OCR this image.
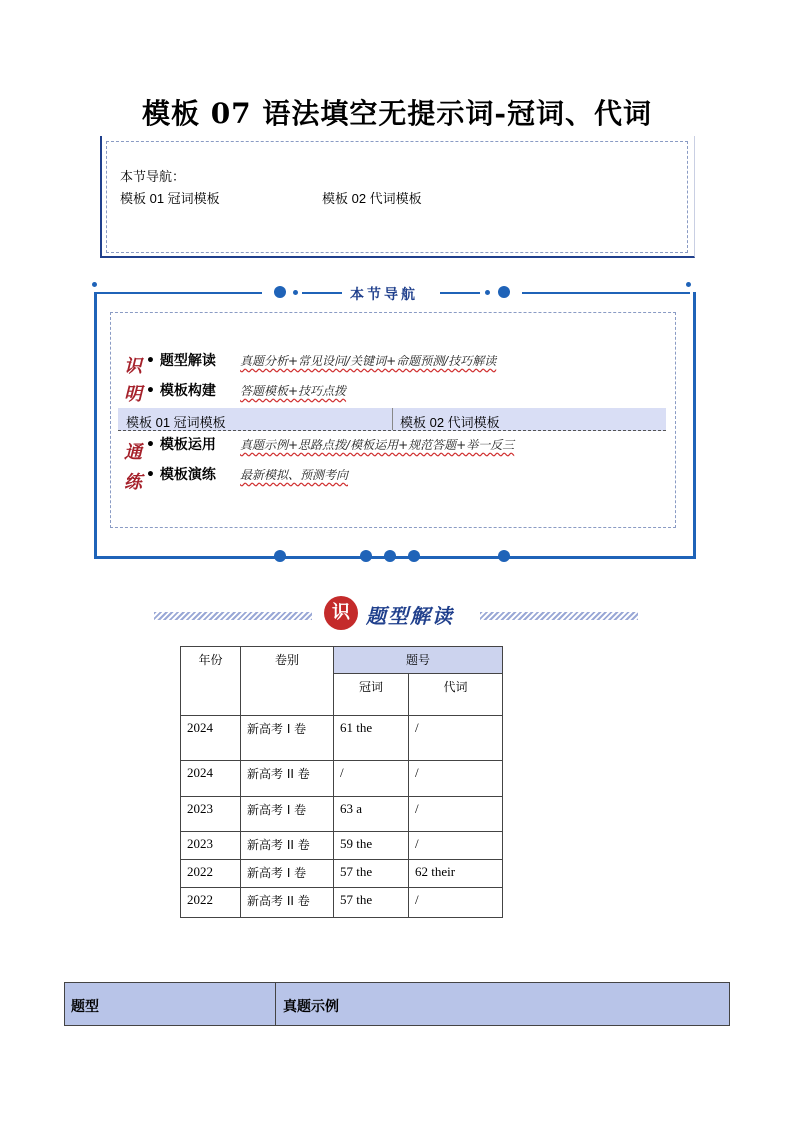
模板 07 语法填空无提示词-冠词、代词
本节导航：
模板 01 冠词模板	模板 02 代词模板
本节导航
识
明
通
练
• 题型解读 真题分析+常见设问/关键词+命题预测/技巧解读
• 模板构建 答题模板+技巧点拨
模板 01 冠词模板	模板 02 代词模板
• 模板运用 真题示例+思路点拨/模板运用+规范答题+举一反三
• 模板演练 最新模拟、预测考向
识 题型解读
年份	卷别	题号	
		冠词	代词
2024	新高考 I 卷	61 the	/
2024	新高考 II 卷	/	/
2023	新高考 I 卷	63 a	/
2023	新高考 II 卷	59 the	/
2022	新高考 I 卷	57 the	62 their
2022	新高考 II 卷	57 the	/
题型	真题示例
